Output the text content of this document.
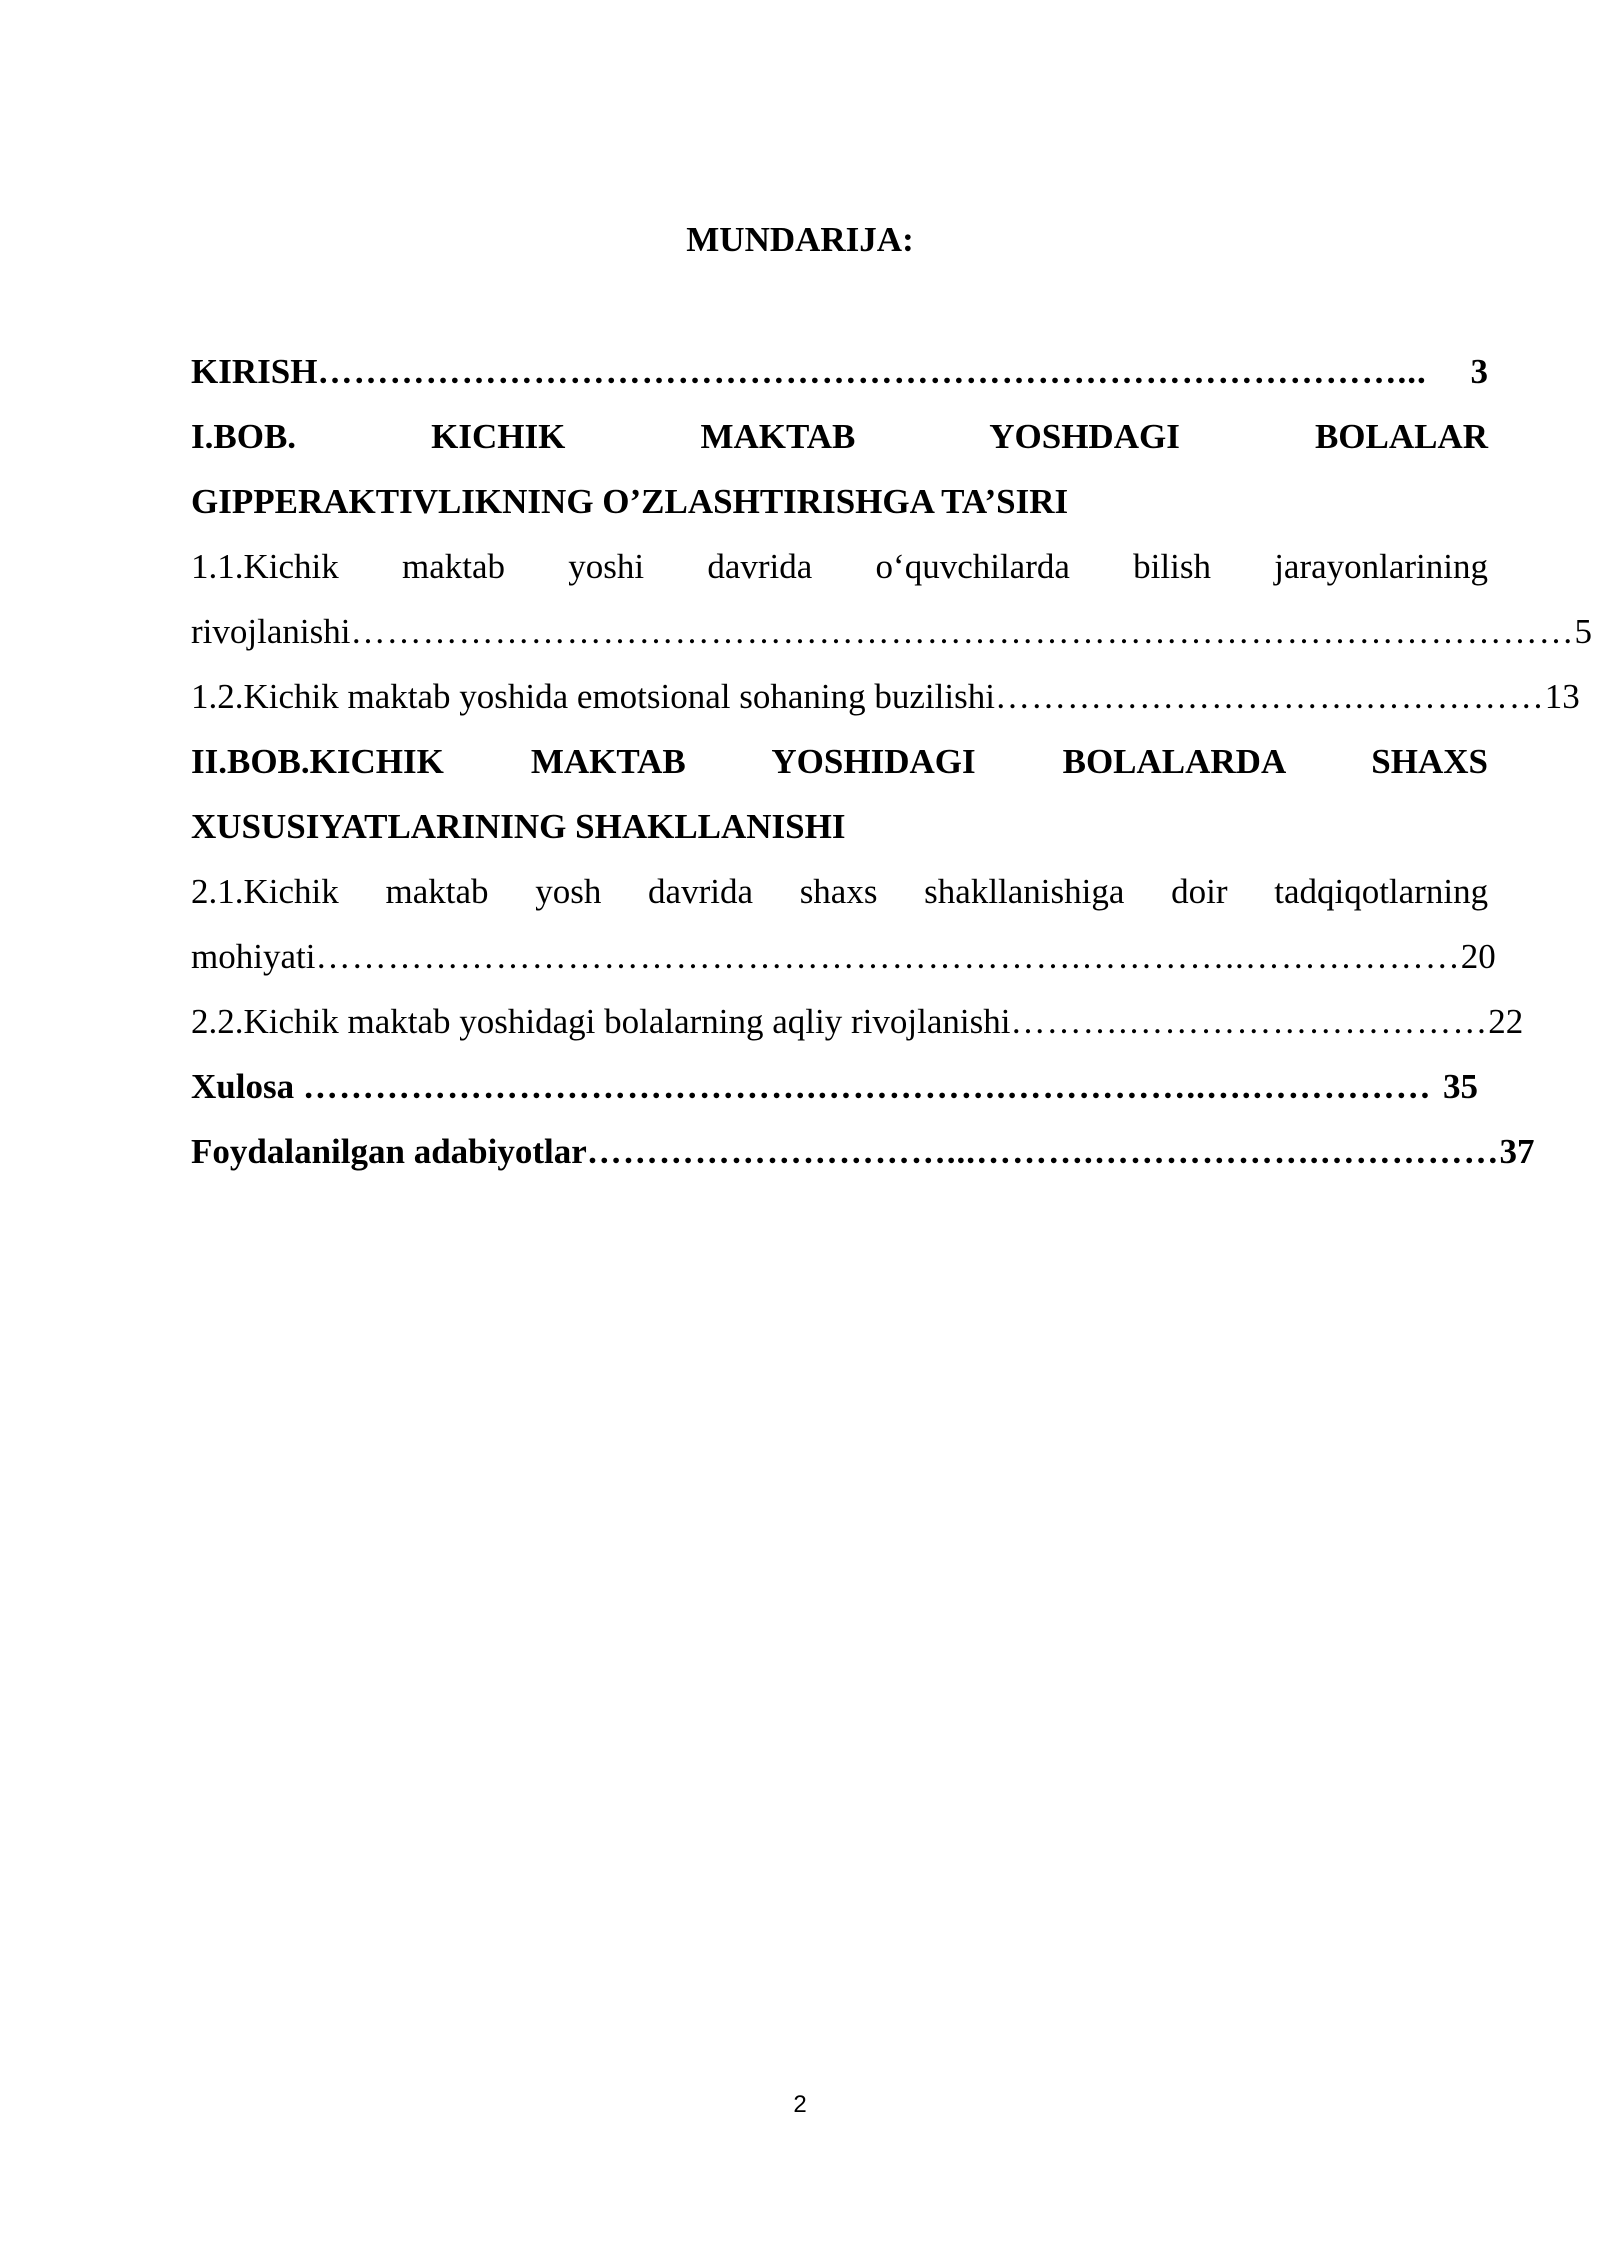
MUNDARIJA:
KIRISH ………………………………………………………………………………...	3
I.BOB.	KICHIK	MAKTAB	YOSHDAGI	BOLALAR
GIPPERAKTIVLIKNING O’ZLASHTIRISHGA TA’SIRI
1.1.Kichik maktab yoshi davrida o‘quvchilarda bilish jarayonlarining
rivojlanishi ………………………………………………………………………………………… 5
1.2.Kichik maktab yoshida emotsional sohaning buzilishi ………………………….…………… 13
II.BOB.KICHIK MAKTAB YOSHIDAGI BOLALARDA SHAXS
XUSUSIYATLARINING SHAKLLANISHI
2.1.Kichik maktab yosh davrida shaxs shakllanishiga doir tadqiqotlarning
mohiyati ……………………………………………………….…………..……………… 20
2.2.Kichik maktab yoshidagi bolalarning aqliy rivojlanishi ……….………………………… 22
Xulosa …………………………………….…………….……………..….…………… 35
Foydalanilgan adabiyotlar …………………………...……….……………….…………… 37
2
